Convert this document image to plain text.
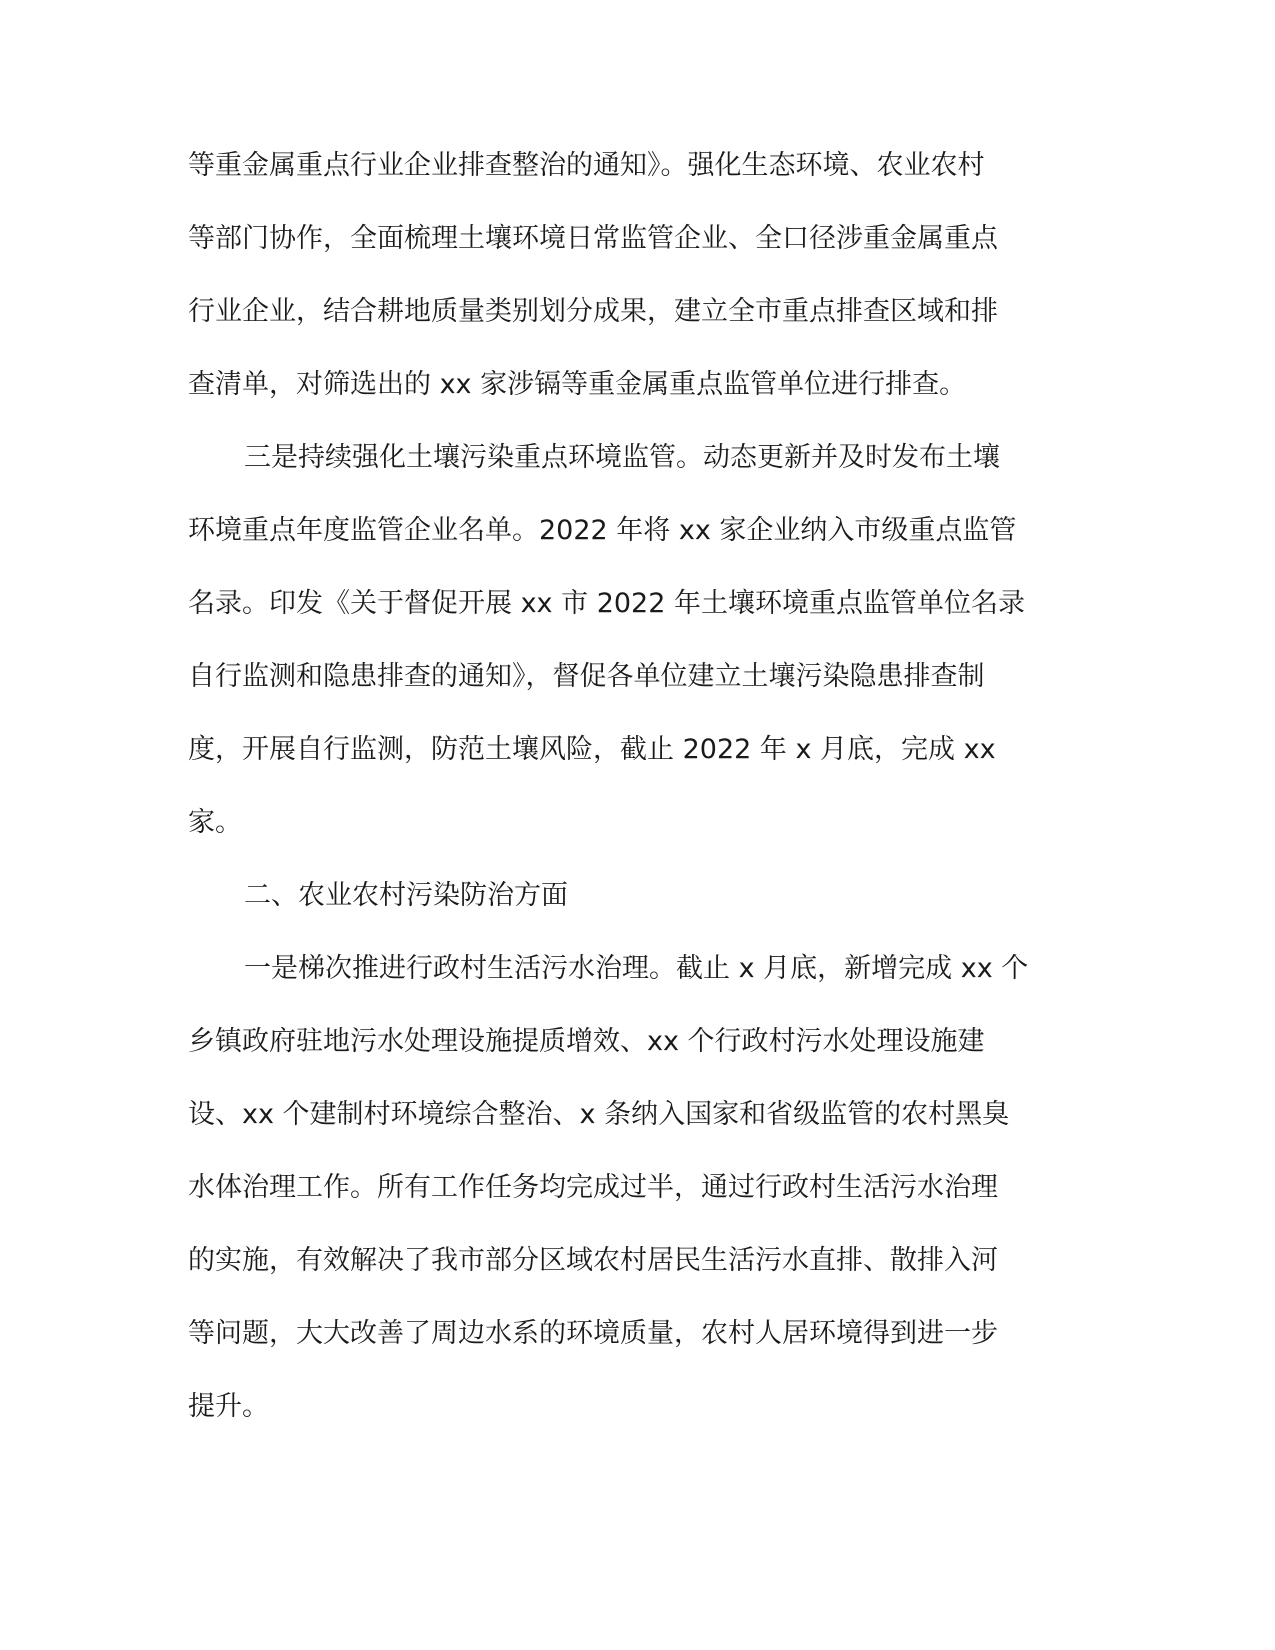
等重金属重点行业企业排查整治的通知》。强化生态环境、农业农村
等部门协作，全面梳理土壤环境日常监管企业、全口径涉重金属重点
行业企业，结合耕地质量类别划分成果，建立全市重点排查区域和排
查清单，对筛选出的 xx 家涉镉等重金属重点监管单位进行排查。
三是持续强化土壤污染重点环境监管。动态更新并及时发布土壤
环境重点年度监管企业名单。2022 年将 xx 家企业纳入市级重点监管
名录。印发《关于督促开展 xx 市 2022 年土壤环境重点监管单位名录
自行监测和隐患排查的通知》，督促各单位建立土壤污染隐患排查制
度，开展自行监测，防范土壤风险，截止 2022 年 x 月底，完成 xx
家。
二、农业农村污染防治方面
一是梯次推进行政村生活污水治理。截止 x 月底，新增完成 xx 个
乡镇政府驻地污水处理设施提质增效、xx 个行政村污水处理设施建
设、xx 个建制村环境综合整治、x 条纳入国家和省级监管的农村黑臭
水体治理工作。所有工作任务均完成过半，通过行政村生活污水治理
的实施，有效解决了我市部分区域农村居民生活污水直排、散排入河
等问题，大大改善了周边水系的环境质量，农村人居环境得到进一步
提升。
